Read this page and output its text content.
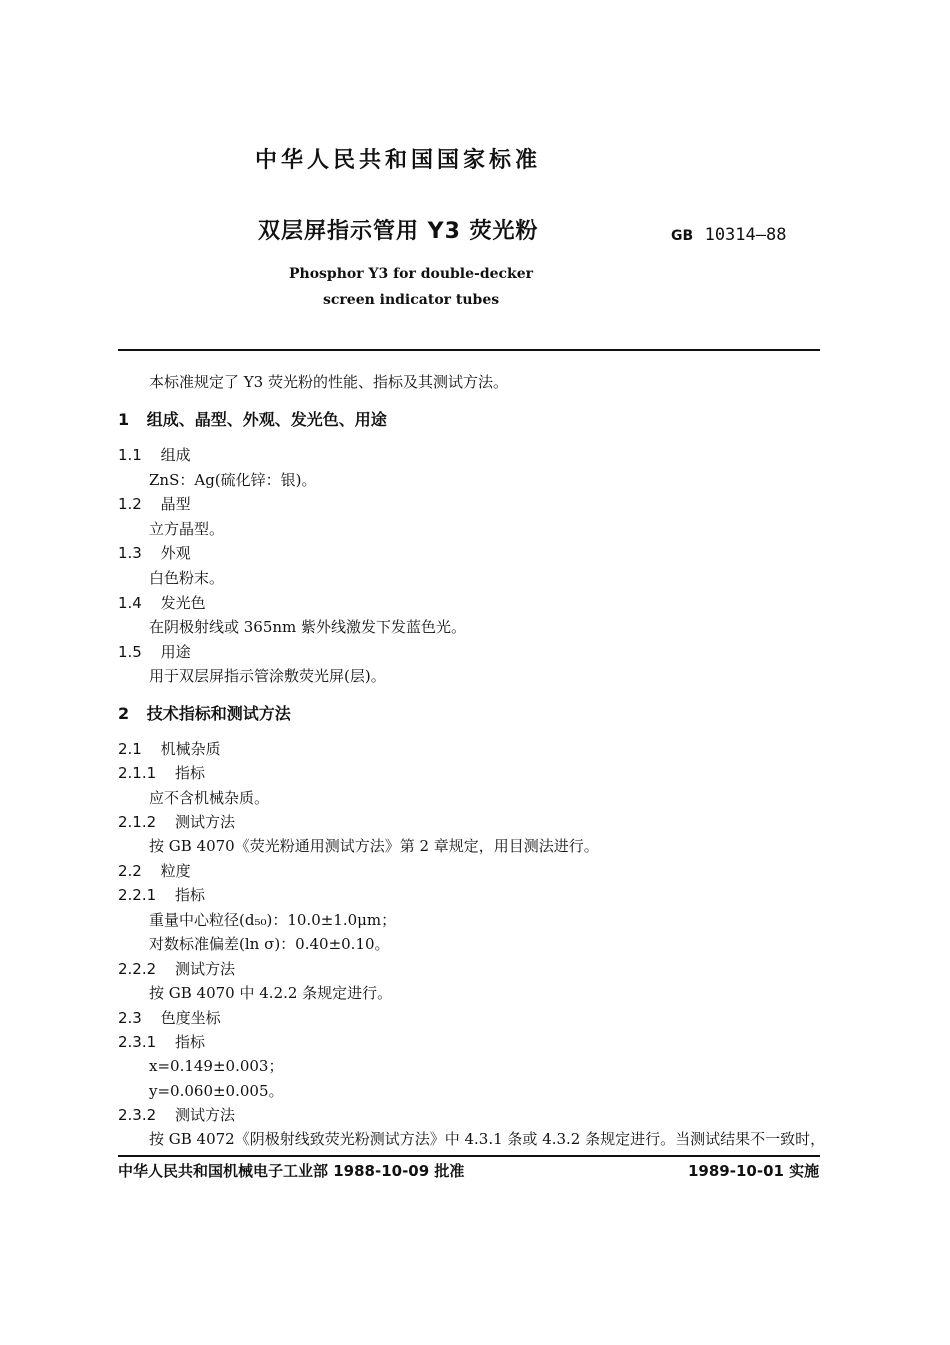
中华人民共和国国家标准
双层屏指示管用 Y3 荧光粉	GB 10314—88
Phosphor Y3 for double-decker
screen indicator tubes
本标准规定了 Y3 荧光粉的性能、指标及其测试方法。
1 组成、晶型、外观、发光色、用途
1.1 组成
ZnS：Ag(硫化锌：银)。
1.2 晶型
立方晶型。
1.3 外观
白色粉末。
1.4 发光色
在阴极射线或 365nm 紫外线激发下发蓝色光。
1.5 用途
用于双层屏指示管涂敷荧光屏(层)。
2 技术指标和测试方法
2.1 机械杂质
2.1.1 指标
应不含机械杂质。
2.1.2 测试方法
按 GB 4070《荧光粉通用测试方法》第 2 章规定，用目测法进行。
2.2 粒度
2.2.1 指标
重量中心粒径(d₅₀)：10.0±1.0μm；
对数标准偏差(ln σ)：0.40±0.10。
2.2.2 测试方法
按 GB 4070 中 4.2.2 条规定进行。
2.3 色度坐标
2.3.1 指标
x=0.149±0.003；
y=0.060±0.005。
2.3.2 测试方法
按 GB 4072《阴极射线致荧光粉测试方法》中 4.3.1 条或 4.3.2 条规定进行。当测试结果不一致时，
中华人民共和国机械电子工业部 1988-10-09 批准	1989-10-01 实施
